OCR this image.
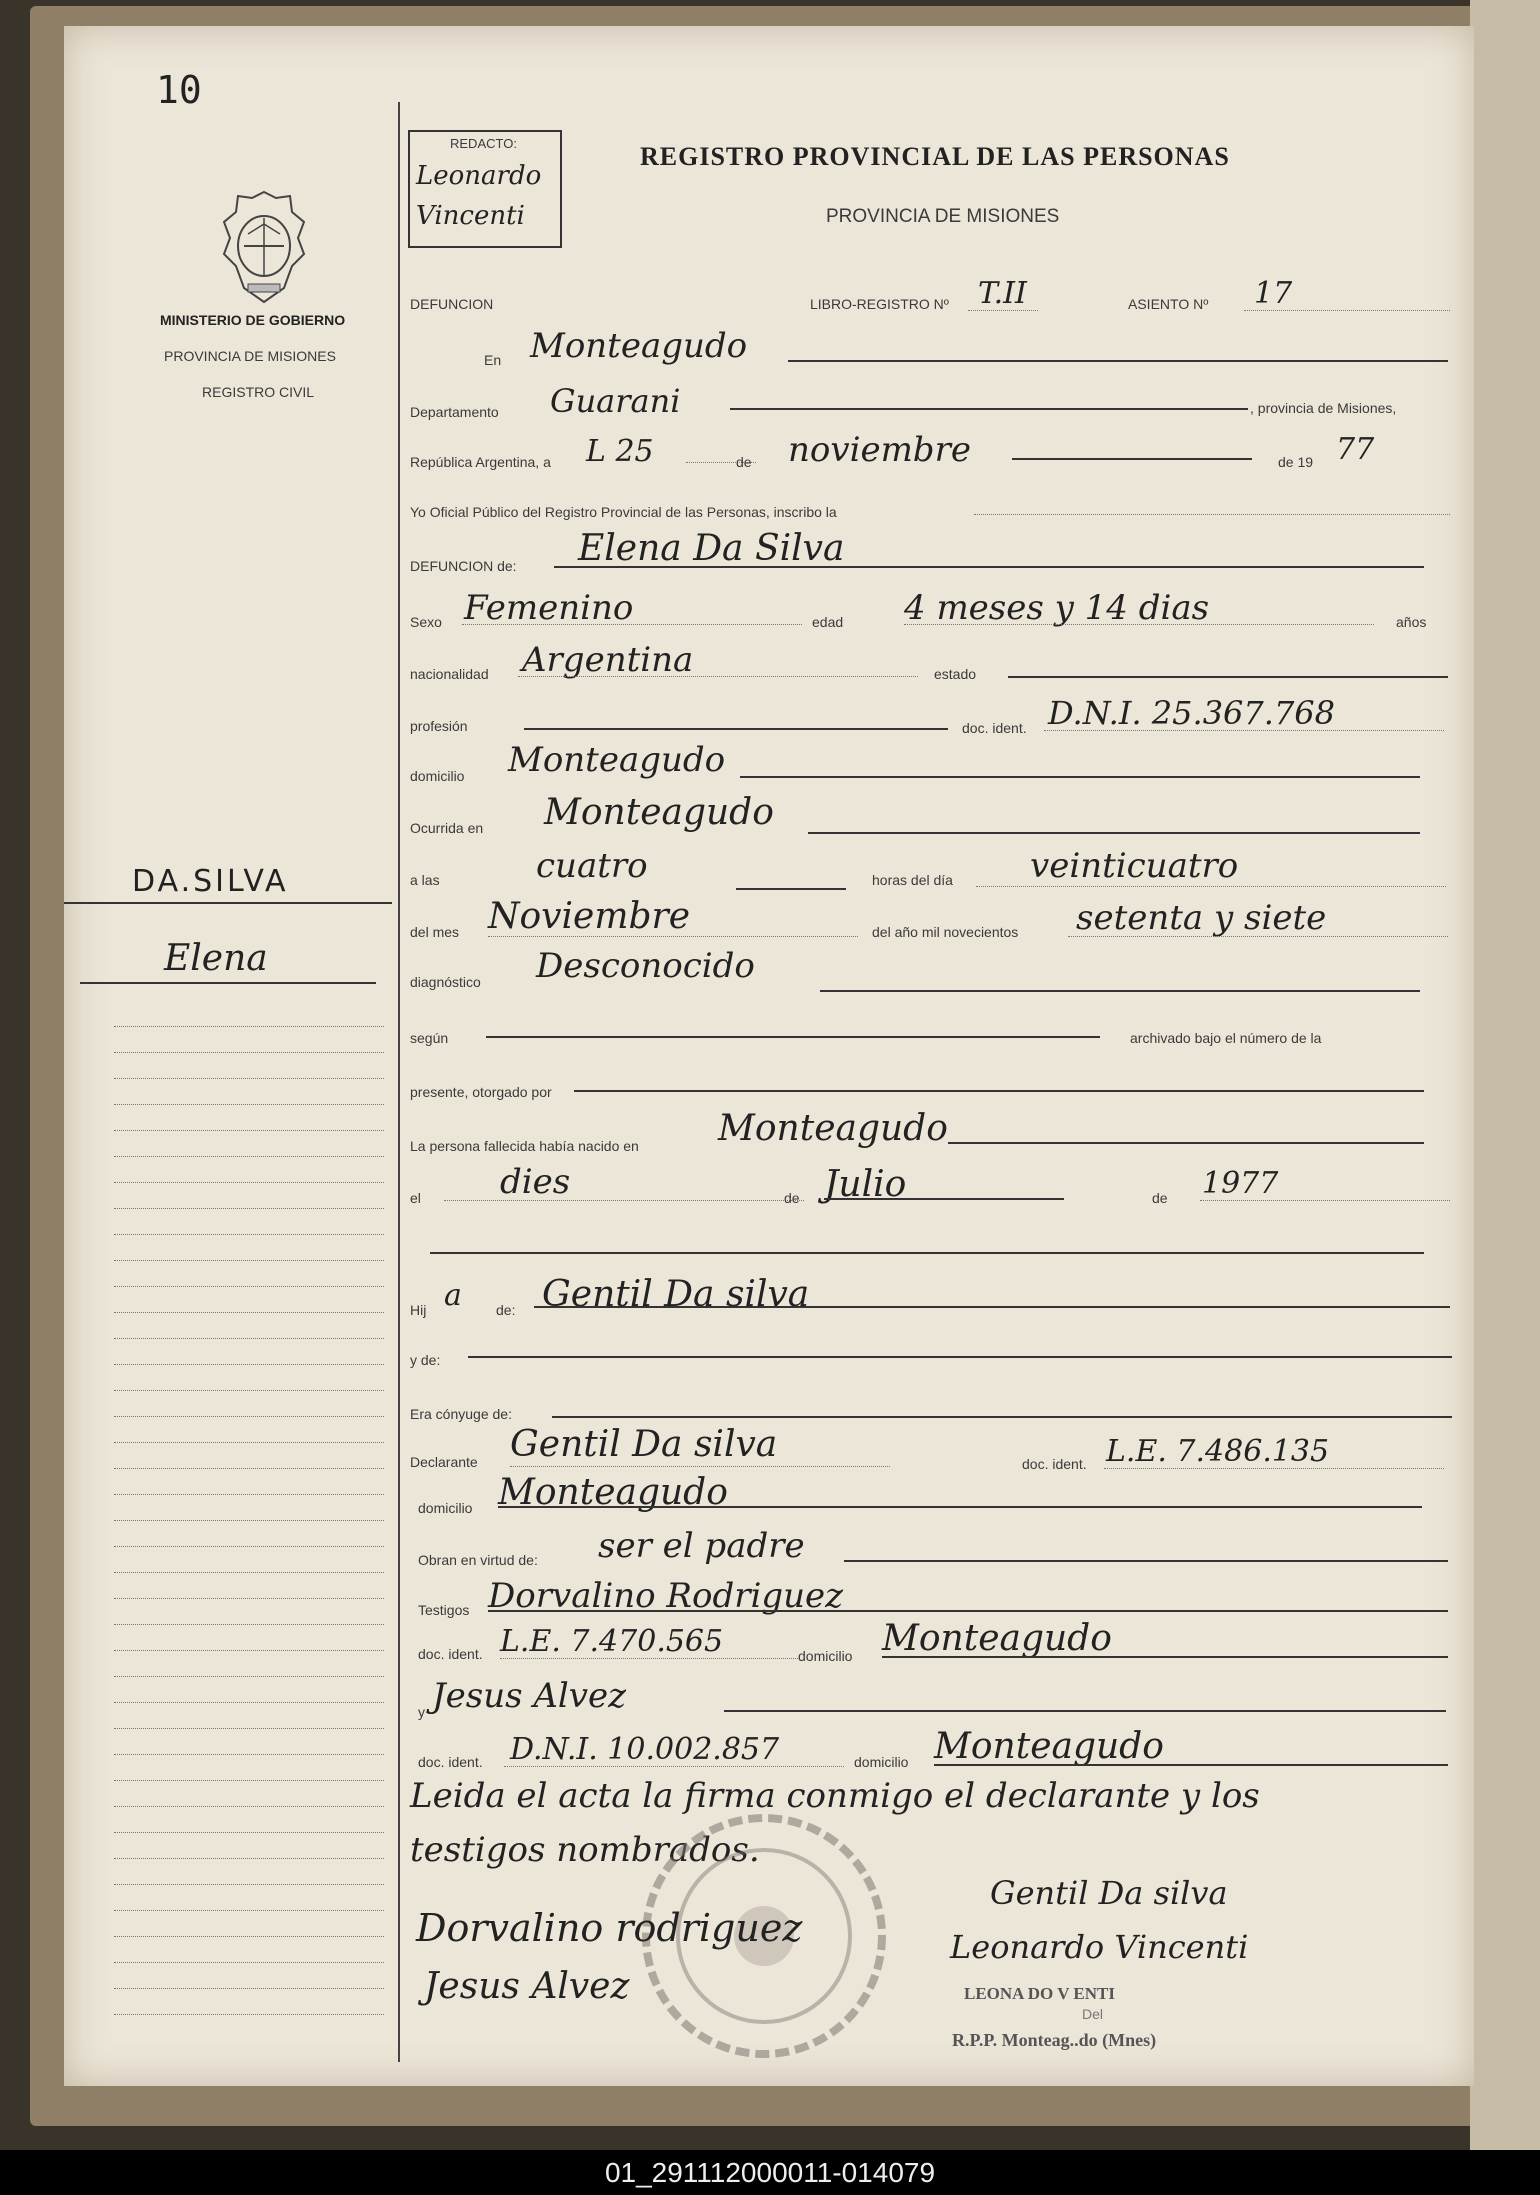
10
MINISTERIO DE GOBIERNO
PROVINCIA DE MISIONES
REGISTRO CIVIL
DA.SILVA
Elena
REDACTO:
Leonardo Vincenti
REGISTRO PROVINCIAL DE LAS PERSONAS
PROVINCIA DE MISIONES
DEFUNCION	LIBRO-REGISTRO Nº T.II	ASIENTO Nº 17
Leida el acta la firma conmigo el declarante y los
testigos nombrados.
Dorvalino rodriguez
Jesus Alvez
Gentil Da silva
Leonardo Vincenti
LEONA DO V ENTI
Del
R.P.P. Monteag..do (Mnes)
En Monteagudo
Departamento Guarani	, provincia de Misiones,
República Argentina, a L 25	de noviembre	de 19 77
Yo Oficial Público del Registro Provincial de las Personas, inscribo la
DEFUNCION de: Elena Da Silva
Sexo Femenino	edad 4 meses y 14 dias	años
nacionalidad Argentina	estado
profesión	doc. ident. D.N.I. 25.367.768
domicilio Monteagudo
Ocurrida en Monteagudo
a las	cuatro	horas del día veinticuatro
del mes Noviembre	del año mil novecientos setenta y siete
diagnóstico Desconocido
según	archivado bajo el número de la
presente, otorgado por
La persona fallecida había nacido en Monteagudo
el dies	de Julio	de 1977
Hij a de: Gentil Da silva
y de:
Era cónyuge de:
Declarante Gentil Da silva	doc. ident. L.E. 7.486.135
domicilio Monteagudo
Obran en virtud de: ser el padre
Testigos Dorvalino Rodriguez
doc. ident. L.E. 7.470.565	domicilio Monteagudo
y Jesus Alvez
doc. ident. D.N.I. 10.002.857	domicilio Monteagudo
01_291112000011-014079
